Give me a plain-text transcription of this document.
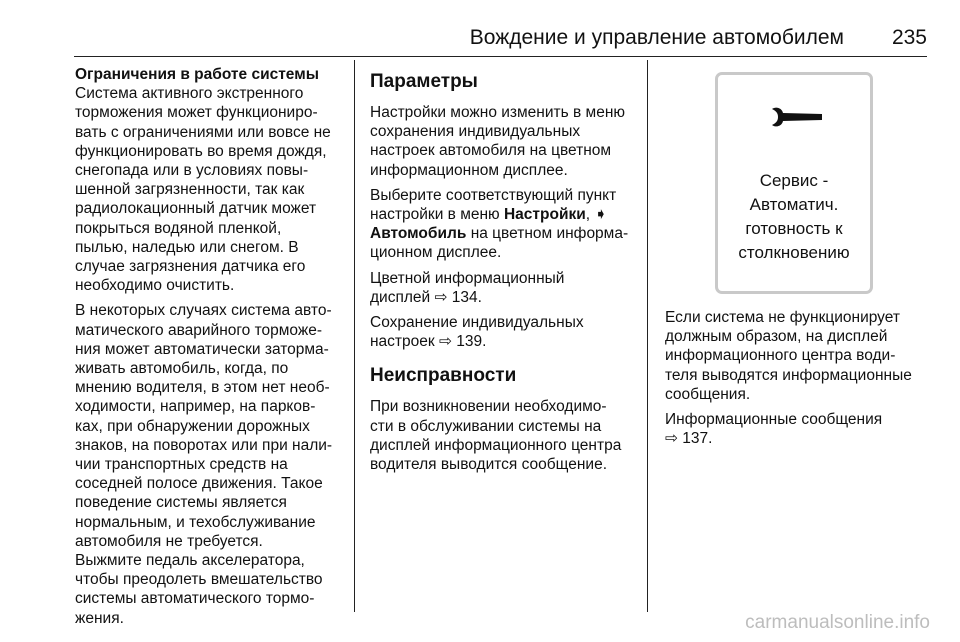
Вождение и управление автомобилем 235
Ограничения в работе системы

Система активного экстренного
торможения может функциониро-
вать с ограничениями или вовсе не
функционировать во время дождя,
снегопада или в условиях повы-
шенной загрязненности, так как
радиолокационный датчик может
покрыться водяной пленкой,
пылью, наледью или снегом. В
случае загрязнения датчика его
необходимо очистить.

В некоторых случаях система авто-
матического аварийного торможе-
ния может автоматически заторма-
живать автомобиль, когда, по
мнению водителя, в этом нет необ-
ходимости, например, на парков-
ках, при обнаружении дорожных
знаков, на поворотах или при нали-
чии транспортных средств на
соседней полосе движения. Такое
поведение системы является
нормальным, и техобслуживание
автомобиля не требуется.
Выжмите педаль акселератора,
чтобы преодолеть вмешательство
системы автоматического тормо-
жения.

Параметры

Настройки можно изменить в меню
сохранения индивидуальных
настроек автомобиля на цветном
информационном дисплее.

Выберите соответствующий пункт
настройки в меню Настройки, ➧
Автомобиль на цветном информа-
ционном дисплее.

Цветной информационный
дисплей ⇨ 134.

Сохранение индивидуальных
настроек ⇨ 139.

Неисправности

При возникновении необходимо-
сти в обслуживании системы на
дисплей информационного центра
водителя выводится сообщение.

Сервис -
Автоматич.
готовность к
столкновению

Если система не функционирует
должным образом, на дисплей
информационного центра води-
теля выводятся информационные
сообщения.

Информационные сообщения
⇨ 137.

carmanualsonline.info
